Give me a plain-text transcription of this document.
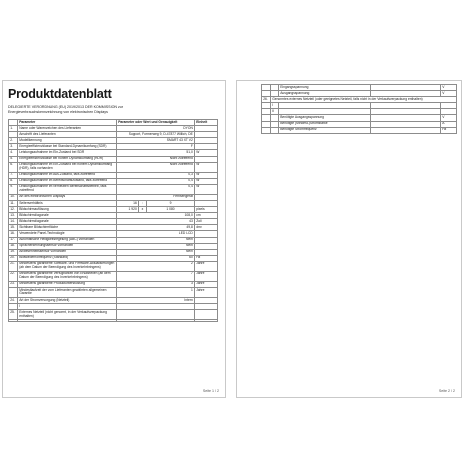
Produktdatenblatt
DELEGIERTE VERORDNUNG (EU) 2019/2013 DER KOMMISSION zur Energieverbrauchskennzeichnung von elektronischen Displays
	Parameter	Parameter oder Wert und Genauigkeit			Einheit
1.	Name oder Warenzeichen des Lieferanten	DYON			
	Anschrift des Lieferanten	Support, Formerweg 9, D-47877 Willich, DE			
2.	Modellkennung	SMART 43 XT V2			
3.	Energieeffizienzklasse bei Standard-Dynamikumfang (SDR)	F			
4.	Leistungsaufnahme im Ein-Zustand bei SDR	51,0			W
5.	Energieeffizienzklasse bei hohem Dynamikumfang (HDR)	Nicht zutreffend			
6.	Leistungsaufnahme im Ein-Zustand bei hohem Dynamikumfang (HDR), falls vorhanden	Nicht zutreffend			W
7.	Leistungsaufnahme im Aus-Zustand, falls zutreffend	0,3			W
8.	Leistungsaufnahme im Bereitschaftszustand, falls zutreffend	0,4			W
9.	Leistungsaufnahme im vernetzten Bereitschaftsbetrieb, falls zutreffend	0,4			W
10.	Art des elektronischen Displays	Fernsehgerät			
11.	Seitenverhältnis	16	:	9	
12.	Bildschirmauflösung	1 920	x	1 080	pixels
13.	Bildschirmdiagonale	108,0			cm
14.	Bildschirmdiagonale	43			Zoll
15.	Sichtbare Bildschirmfläche	49,8			dm²
16.	Verwendete Panel-Technologie	LED LCD			
17.	Automatische Helligkeitsregelung (ABC) vorhanden	Nein			
18.	Spracherkennungssensor vorhanden	Nein			
19.	Anwesenheitssensor vorhanden	Nein			
20.	Bildwiederholfrequenz (Standard)	60			Hz
21.	Mindestens garantierte Software- und Firmware-Aktualisierungen (ab dem Datum der Beendigung des Inverkehrbringens)	2			Jahre
22.	Mindestens garantierte Verfügbarkeit von Ersatzteilen (ab dem Datum der Beendigung des Inverkehrbringens)	7			Jahre
23.	Mindestens garantierte Produktunterstützung	3			Jahre
	Mindestlaufzeit der vom Lieferanten gewährten allgemeinen Garantie	1			Jahre
24.	Art der Stromversorgung (Netzteil)	Intern			
	I				
25.	Externes Netzteil (nicht genormt, in der Verkaufsverpackung enthalten)				

Seite 1 / 2
		Eingangsspannung		V
		Ausgangsspannung		V
26.	Genormtes externes Netzteil (oder geeignetes Netzteil, falls nicht in der Verkaufsverpackung enthalten)			
	I			
	II			
		Benötigte Ausgangsspannung		V
		Benötigte (Mindest-)Stromstärke		A
		Benötigte Stromfrequenz		Hz
Seite 2 / 2
